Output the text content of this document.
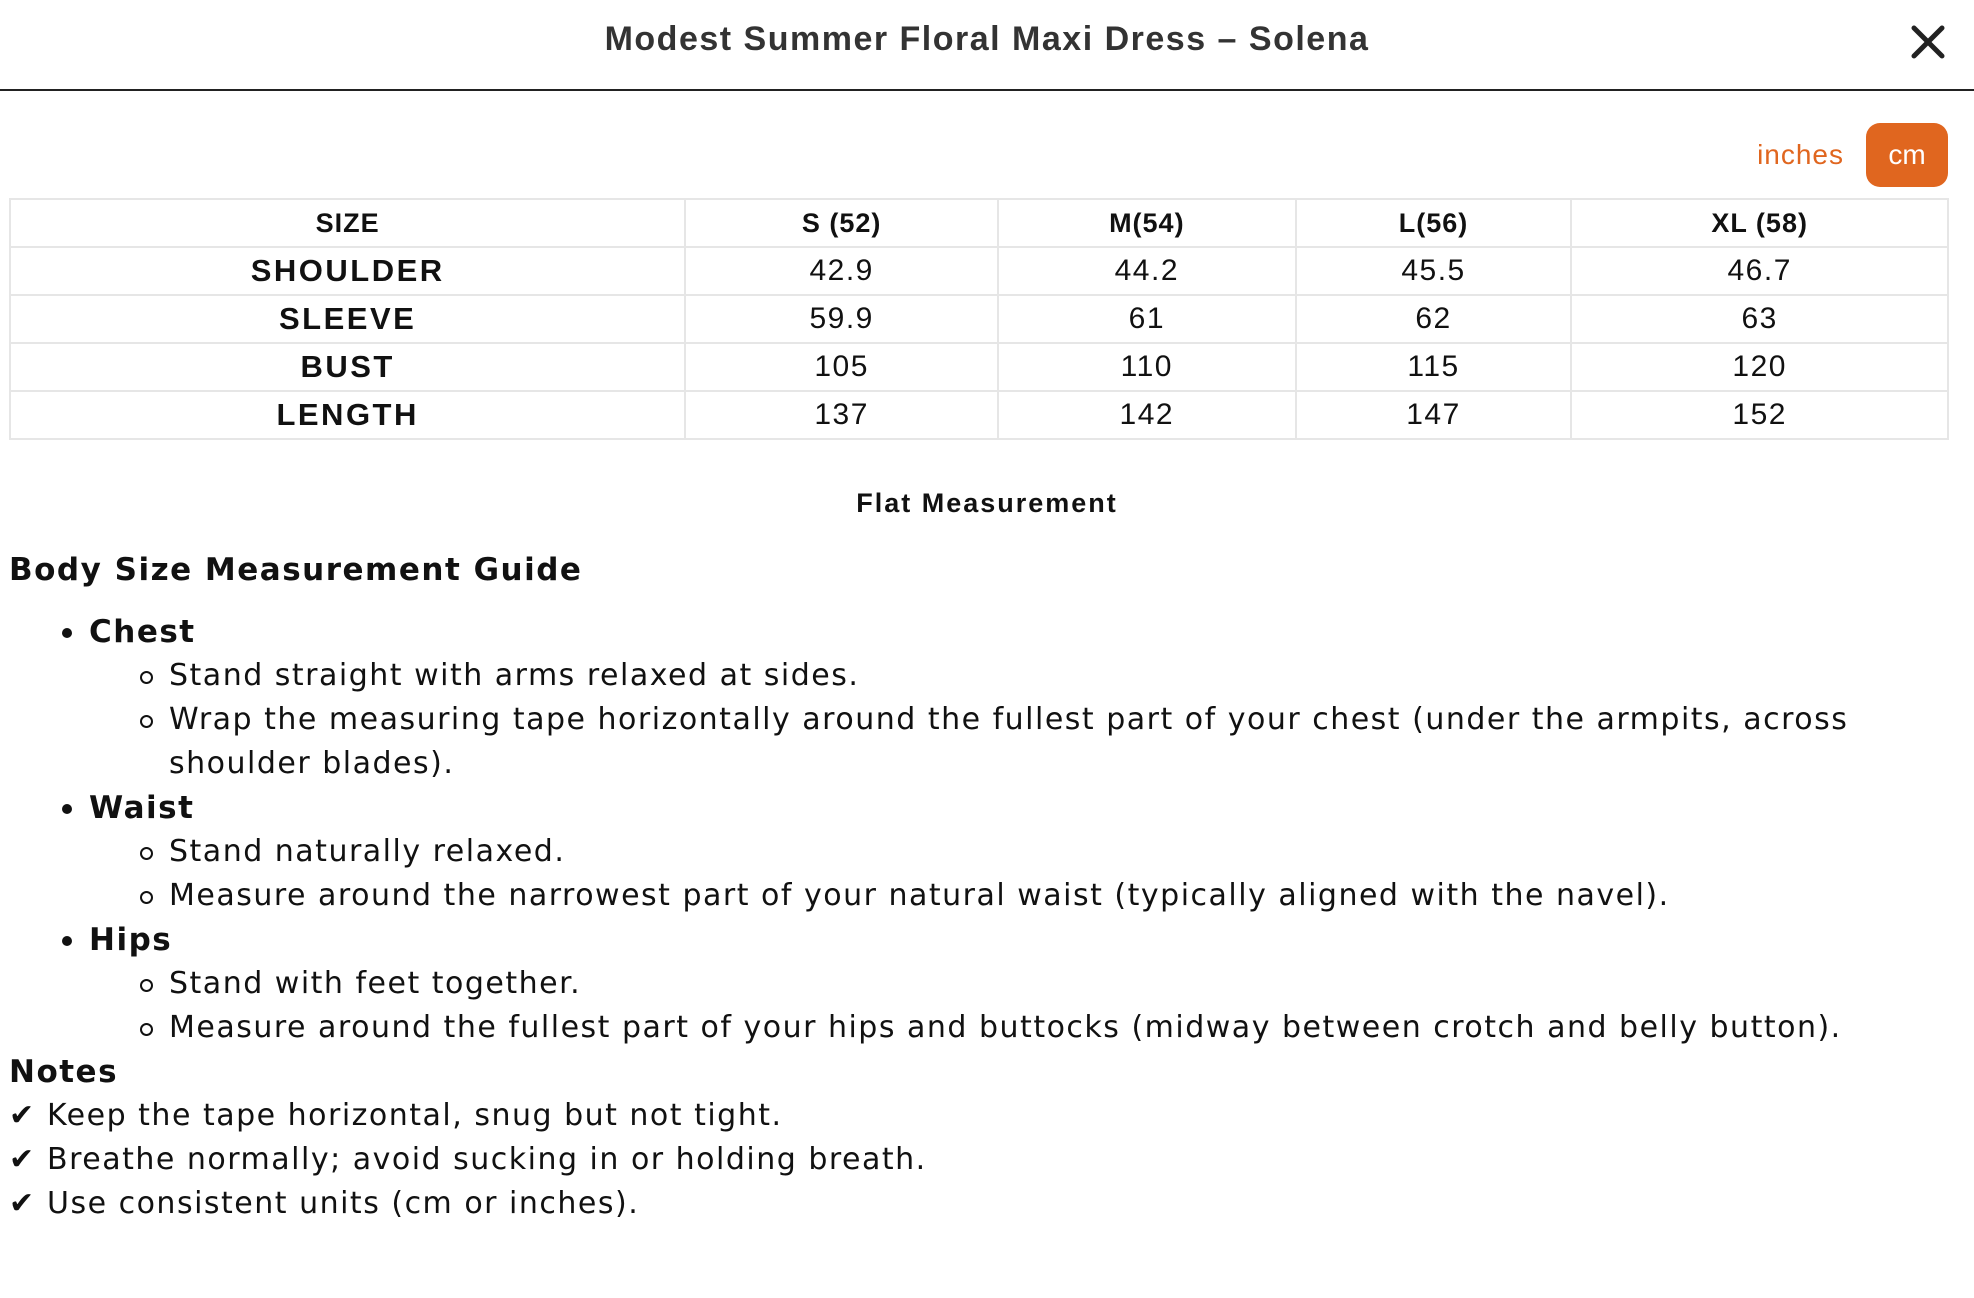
Modest Summer Floral Maxi Dress – Solena
inches	cm
SIZE	S (52)	M(54)	L(56)	XL (58)
SHOULDER	42.9	44.2	45.5	46.7
SLEEVE	59.9	61	62	63
BUST	105	110	115	120
LENGTH	137	142	147	152
Flat Measurement
Body Size Measurement Guide
Chest
Stand straight with arms relaxed at sides.
Wrap the measuring tape horizontally around the fullest part of your chest (under the armpits, across shoulder blades).
Waist
Stand naturally relaxed.
Measure around the narrowest part of your natural waist (typically aligned with the navel).
Hips
Stand with feet together.
Measure around the fullest part of your hips and buttocks (midway between crotch and belly button).
Notes
✔ Keep the tape horizontal, snug but not tight.
✔ Breathe normally; avoid sucking in or holding breath.
✔ Use consistent units (cm or inches).
